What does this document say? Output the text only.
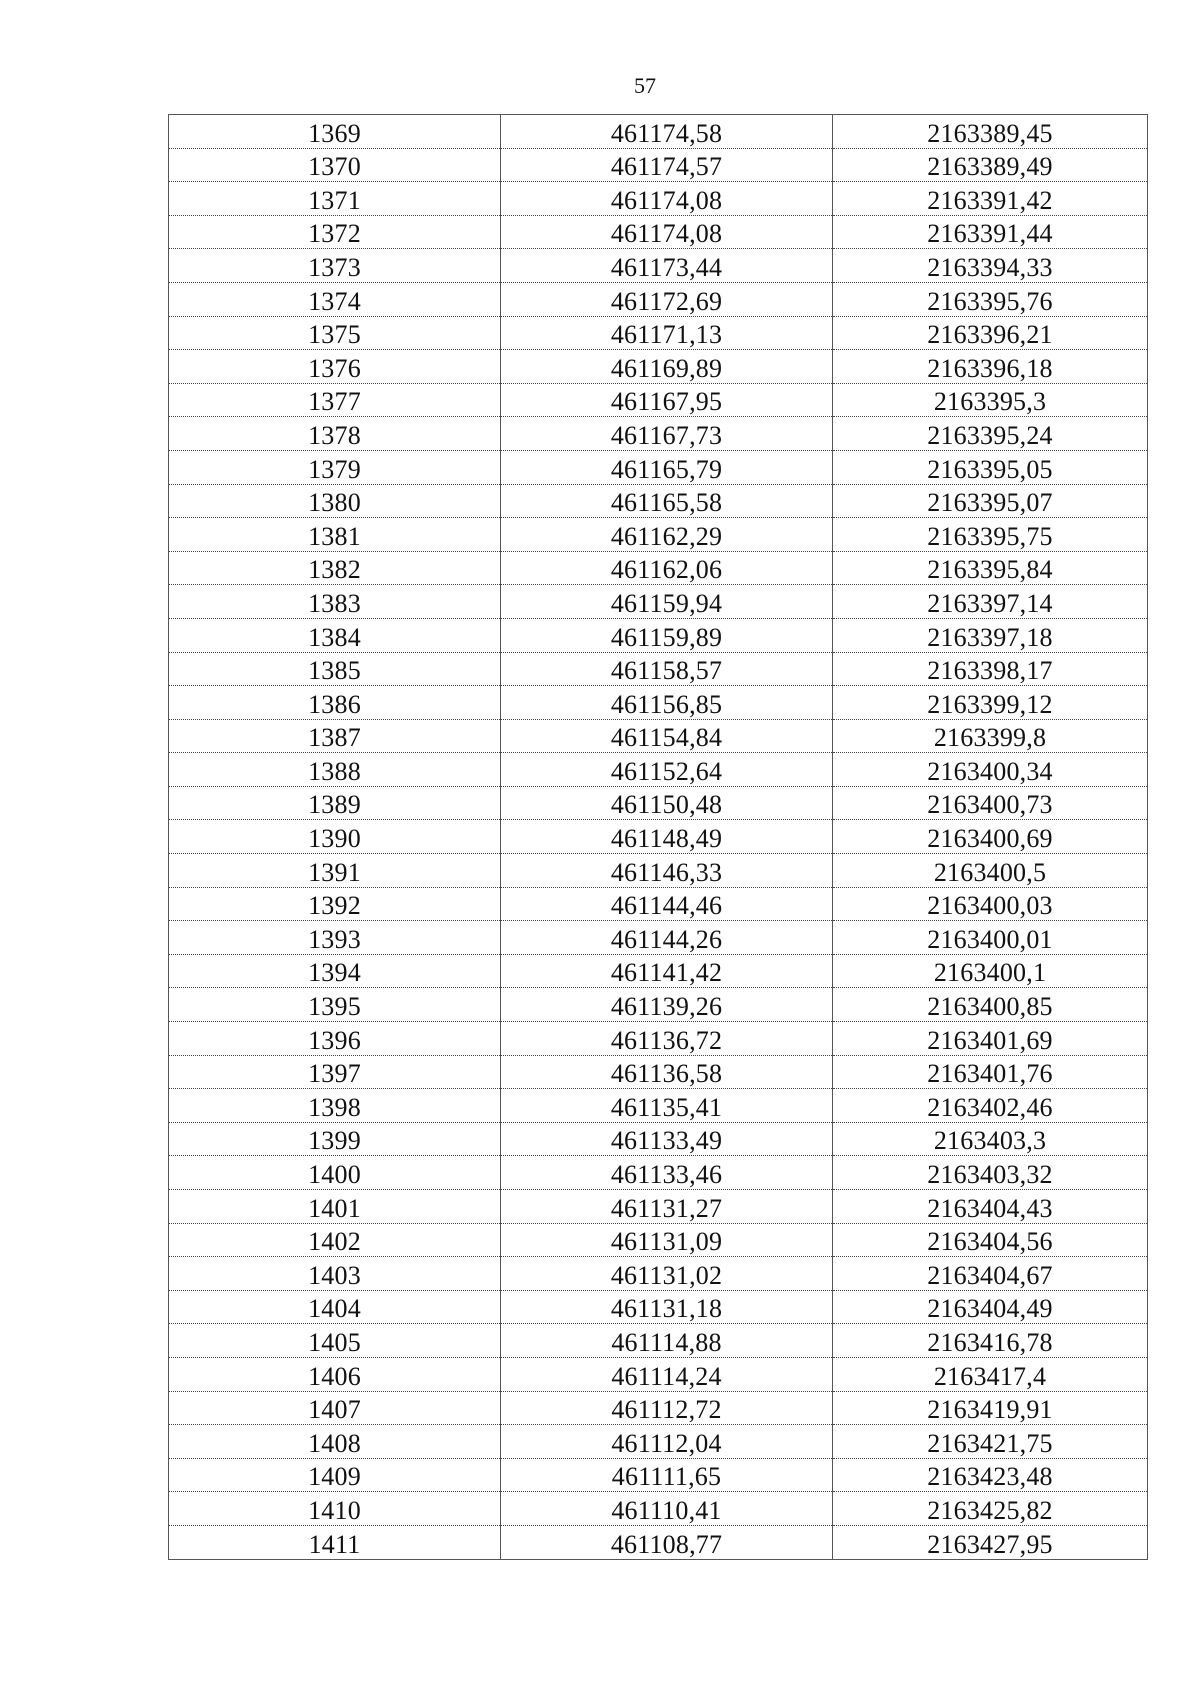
57
1369	461174,58	2163389,45
1370	461174,57	2163389,49
1371	461174,08	2163391,42
1372	461174,08	2163391,44
1373	461173,44	2163394,33
1374	461172,69	2163395,76
1375	461171,13	2163396,21
1376	461169,89	2163396,18
1377	461167,95	2163395,3
1378	461167,73	2163395,24
1379	461165,79	2163395,05
1380	461165,58	2163395,07
1381	461162,29	2163395,75
1382	461162,06	2163395,84
1383	461159,94	2163397,14
1384	461159,89	2163397,18
1385	461158,57	2163398,17
1386	461156,85	2163399,12
1387	461154,84	2163399,8
1388	461152,64	2163400,34
1389	461150,48	2163400,73
1390	461148,49	2163400,69
1391	461146,33	2163400,5
1392	461144,46	2163400,03
1393	461144,26	2163400,01
1394	461141,42	2163400,1
1395	461139,26	2163400,85
1396	461136,72	2163401,69
1397	461136,58	2163401,76
1398	461135,41	2163402,46
1399	461133,49	2163403,3
1400	461133,46	2163403,32
1401	461131,27	2163404,43
1402	461131,09	2163404,56
1403	461131,02	2163404,67
1404	461131,18	2163404,49
1405	461114,88	2163416,78
1406	461114,24	2163417,4
1407	461112,72	2163419,91
1408	461112,04	2163421,75
1409	461111,65	2163423,48
1410	461110,41	2163425,82
1411	461108,77	2163427,95
